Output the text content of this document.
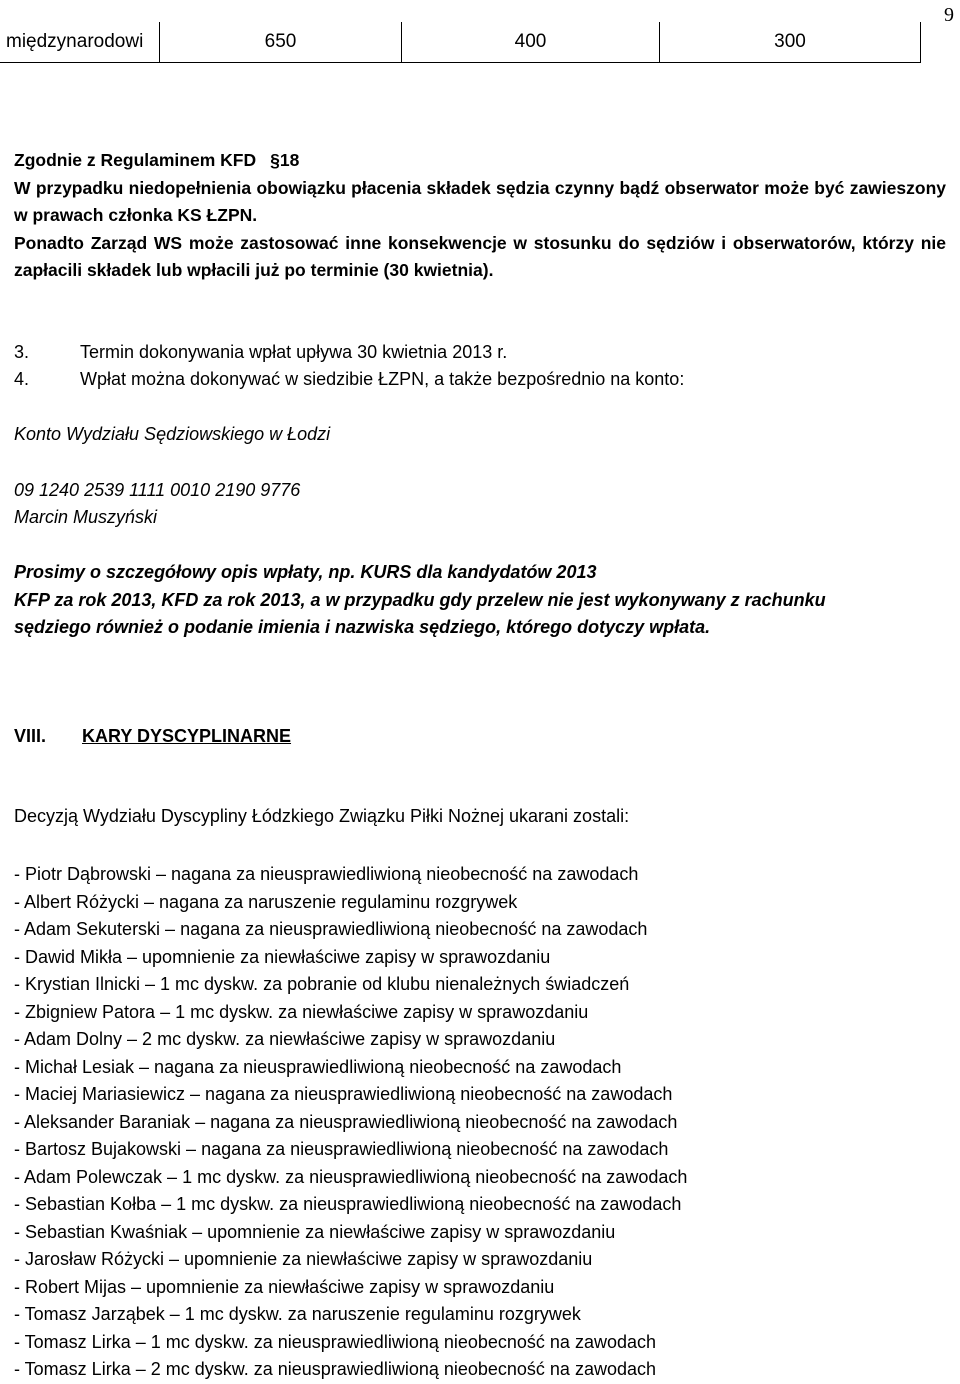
9
międzynarodowi	650	400	300

Zgodnie z Regulaminem KFD §18

W przypadku niedopełnienia obowiązku płacenia składek sędzia czynny bądź obserwator może być zawieszony w prawach członka KS ŁZPN.

Ponadto Zarząd WS może zastosować inne konsekwencje w stosunku do sędziów i obserwatorów, którzy nie zapłacili składek lub wpłacili już po terminie (30 kwietnia).

3.	Termin dokonywania wpłat upływa 30 kwietnia 2013 r.
4.	Wpłat można dokonywać w siedzibie ŁZPN, a także bezpośrednio na konto:
Konto Wydziału Sędziowskiego w Łodzi
09 1240 2539 1111 0010 2190 9776
Marcin Muszyński
Prosimy o szczegółowy opis wpłaty, np. KURS dla kandydatów 2013
KFP za rok 2013, KFD za rok 2013, a w przypadku gdy przelew nie jest wykonywany z rachunku
sędziego również o podanie imienia i nazwiska sędziego, którego dotyczy wpłata.
VIII. KARY DYSCYPLINARNE
Decyzją Wydziału Dyscypliny Łódzkiego Związku Piłki Nożnej ukarani zostali:
- Piotr Dąbrowski – nagana za nieusprawiedliwioną nieobecność na zawodach
- Albert Różycki – nagana za naruszenie regulaminu rozgrywek
- Adam Sekuterski – nagana za nieusprawiedliwioną nieobecność na zawodach
- Dawid Mikła – upomnienie za niewłaściwe zapisy w sprawozdaniu
- Krystian Ilnicki – 1 mc dyskw. za pobranie od klubu nienależnych świadczeń
- Zbigniew Patora – 1 mc dyskw. za niewłaściwe zapisy w sprawozdaniu
- Adam Dolny – 2 mc dyskw. za niewłaściwe zapisy w sprawozdaniu
- Michał Lesiak – nagana za nieusprawiedliwioną nieobecność na zawodach
- Maciej Mariasiewicz – nagana za nieusprawiedliwioną nieobecność na zawodach
- Aleksander Baraniak – nagana za nieusprawiedliwioną nieobecność na zawodach
- Bartosz Bujakowski – nagana za nieusprawiedliwioną nieobecność na zawodach
- Adam Polewczak – 1 mc dyskw. za nieusprawiedliwioną nieobecność na zawodach
- Sebastian Kołba – 1 mc dyskw. za nieusprawiedliwioną nieobecność na zawodach
- Sebastian Kwaśniak – upomnienie za niewłaściwe zapisy w sprawozdaniu
- Jarosław Różycki – upomnienie za niewłaściwe zapisy w sprawozdaniu
- Robert Mijas – upomnienie za niewłaściwe zapisy w sprawozdaniu
- Tomasz Jarząbek – 1 mc dyskw. za naruszenie regulaminu rozgrywek
- Tomasz Lirka – 1 mc dyskw. za nieusprawiedliwioną nieobecność na zawodach
- Tomasz Lirka – 2 mc dyskw. za nieusprawiedliwioną nieobecność na zawodach
